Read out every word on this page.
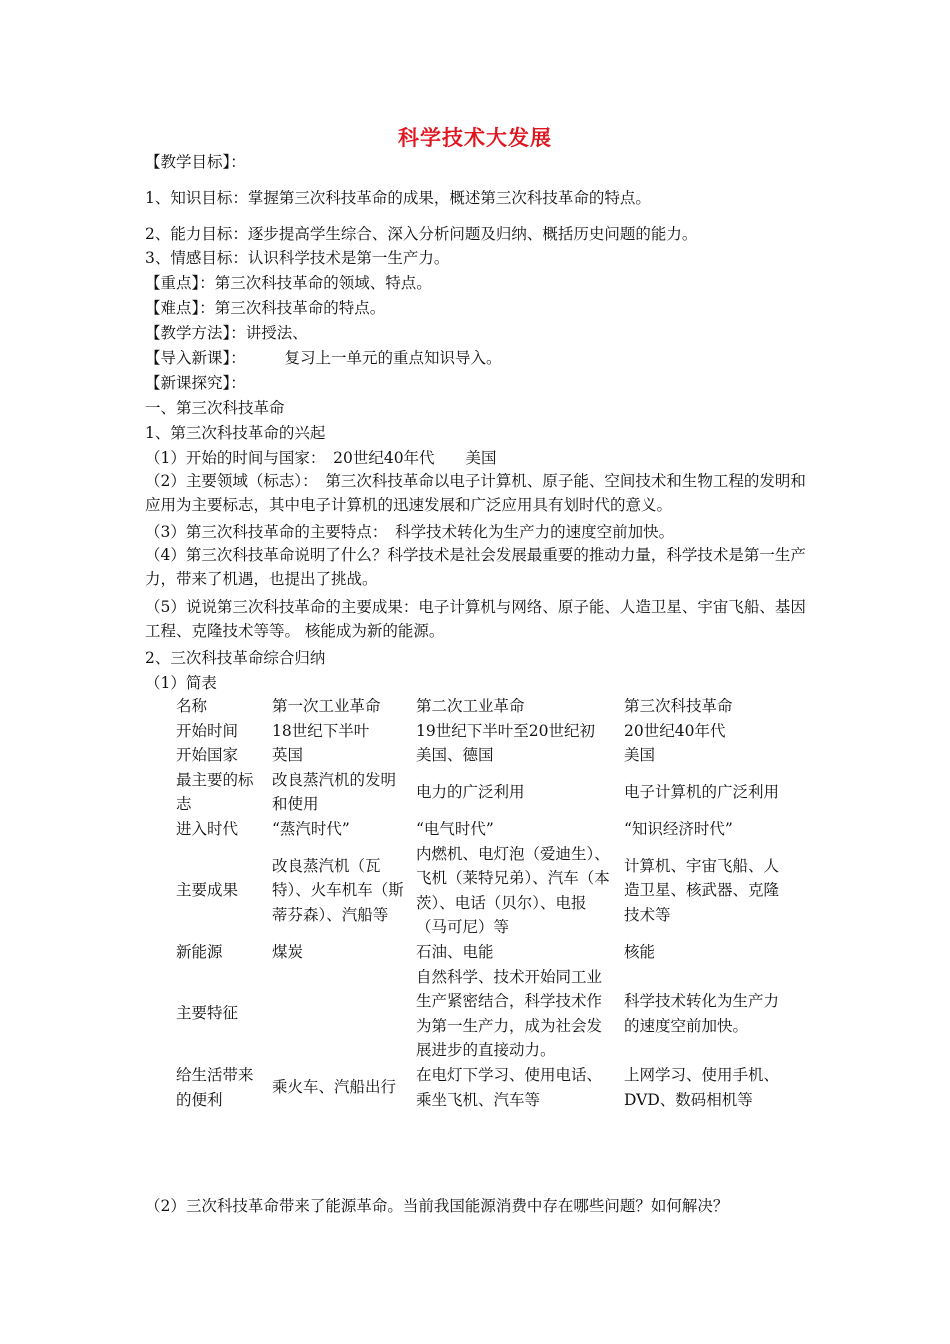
科学技术大发展
【教学目标】：
1、知识目标：掌握第三次科技革命的成果，概述第三次科技革命的特点。
2、能力目标：逐步提高学生综合、深入分析问题及归纳、概括历史问题的能力。
3、情感目标：认识科学技术是第一生产力。
【重点】：第三次科技革命的领域、特点。
【难点】：第三次科技革命的特点。
【教学方法】：讲授法、
【导入新课】：　　　复习上一单元的重点知识导入。
【新课探究】：
一、第三次科技革命
1、第三次科技革命的兴起
（1）开始的时间与国家：　20世纪40年代　　美国
（2）主要领域（标志）：　第三次科技革命以电子计算机、原子能、空间技术和生物工程的发明和应用为主要标志，其中电子计算机的迅速发展和广泛应用具有划时代的意义。
（3）第三次科技革命的主要特点：　科学技术转化为生产力的速度空前加快。
（4）第三次科技革命说明了什么？科学技术是社会发展最重要的推动力量，科学技术是第一生产力，带来了机遇，也提出了挑战。
（5）说说第三次科技革命的主要成果：电子计算机与网络、原子能、人造卫星、宇宙飞船、基因工程、克隆技术等等。 核能成为新的能源。
2、三次科技革命综合归纳
（1）简表
名称	第一次工业革命	第二次工业革命	第三次科技革命
开始时间	18世纪下半叶	19世纪下半叶至20世纪初	20世纪40年代
开始国家	英国	美国、德国	美国
最主要的标志	改良蒸汽机的发明和使用	电力的广泛利用	电子计算机的广泛利用
进入时代	“蒸汽时代”	“电气时代”	“知识经济时代”
主要成果	改良蒸汽机（瓦特）、火车机车（斯蒂芬森）、汽船等	内燃机、电灯泡（爱迪生）、飞机（莱特兄弟）、汽车（本茨）、电话（贝尔）、电报（马可尼）等	计算机、宇宙飞船、人造卫星、核武器、克隆技术等
新能源	煤炭	石油、电能	核能
主要特征		自然科学、技术开始同工业生产紧密结合，科学技术作为第一生产力，成为社会发展进步的直接动力。	科学技术转化为生产力的速度空前加快。
给生活带来的便利	乘火车、汽船出行	在电灯下学习、使用电话、乘坐飞机、汽车等	上网学习、使用手机、DVD、数码相机等
（2）三次科技革命带来了能源革命。当前我国能源消费中存在哪些问题？如何解决？
